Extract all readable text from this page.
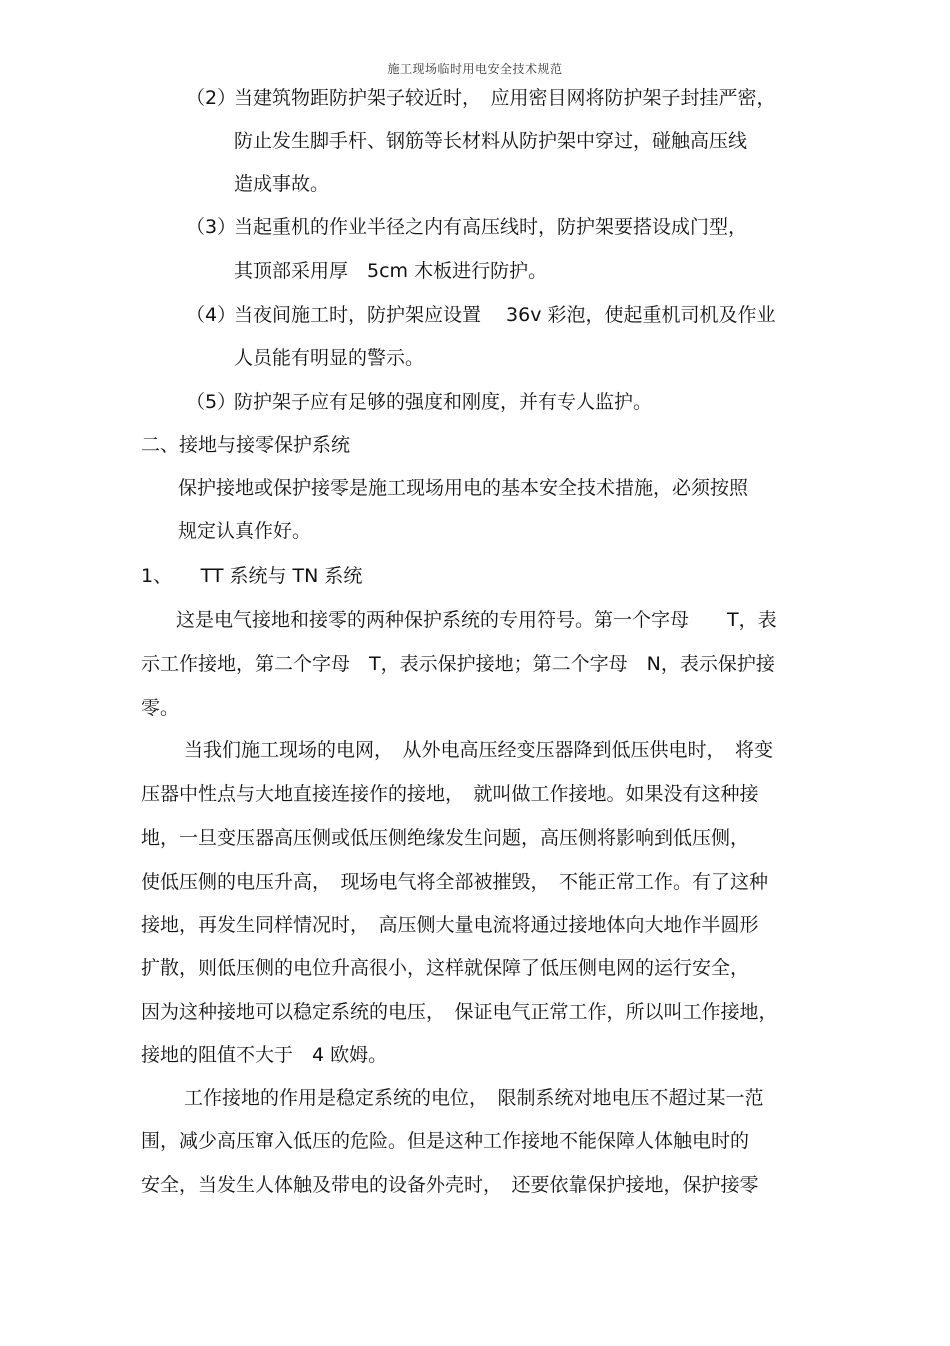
施工现场临时用电安全技术规范
（2）当建筑物距防护架子较近时，　应用密目网将防护架子封挂严密，
防止发生脚手杆、钢筋等长材料从防护架中穿过，碰触高压线
造成事故。
（3）当起重机的作业半径之内有高压线时，防护架要搭设成门型，
其顶部采用厚　5cm 木板进行防护。
（4）当夜间施工时，防护架应设置　 36v 彩泡，使起重机司机及作业
人员能有明显的警示。
（5）防护架子应有足够的强度和刚度，并有专人监护。
二、接地与接零保护系统
保护接地或保护接零是施工现场用电的基本安全技术措施，必须按照
规定认真作好。
1、　　TT 系统与 TN 系统
这是电气接地和接零的两种保护系统的专用符号。第一个字母　　T，表
示工作接地，第二个字母　T，表示保护接地；第二个字母　N，表示保护接
零。
当我们施工现场的电网，　从外电高压经变压器降到低压供电时，　将变
压器中性点与大地直接连接作的接地，　就叫做工作接地。如果没有这种接
地，一旦变压器高压侧或低压侧绝缘发生问题，高压侧将影响到低压侧，
使低压侧的电压升高，　现场电气将全部被摧毁，　不能正常工作。有了这种
接地，再发生同样情况时，　高压侧大量电流将通过接地体向大地作半圆形
扩散，则低压侧的电位升高很小，这样就保障了低压侧电网的运行安全，
因为这种接地可以稳定系统的电压，　保证电气正常工作，所以叫工作接地，
接地的阻值不大于　4 欧姆。
工作接地的作用是稳定系统的电位，　限制系统对地电压不超过某一范
围，减少高压窜入低压的危险。但是这种工作接地不能保障人体触电时的
安全，当发生人体触及带电的设备外壳时，　还要依靠保护接地，保护接零
